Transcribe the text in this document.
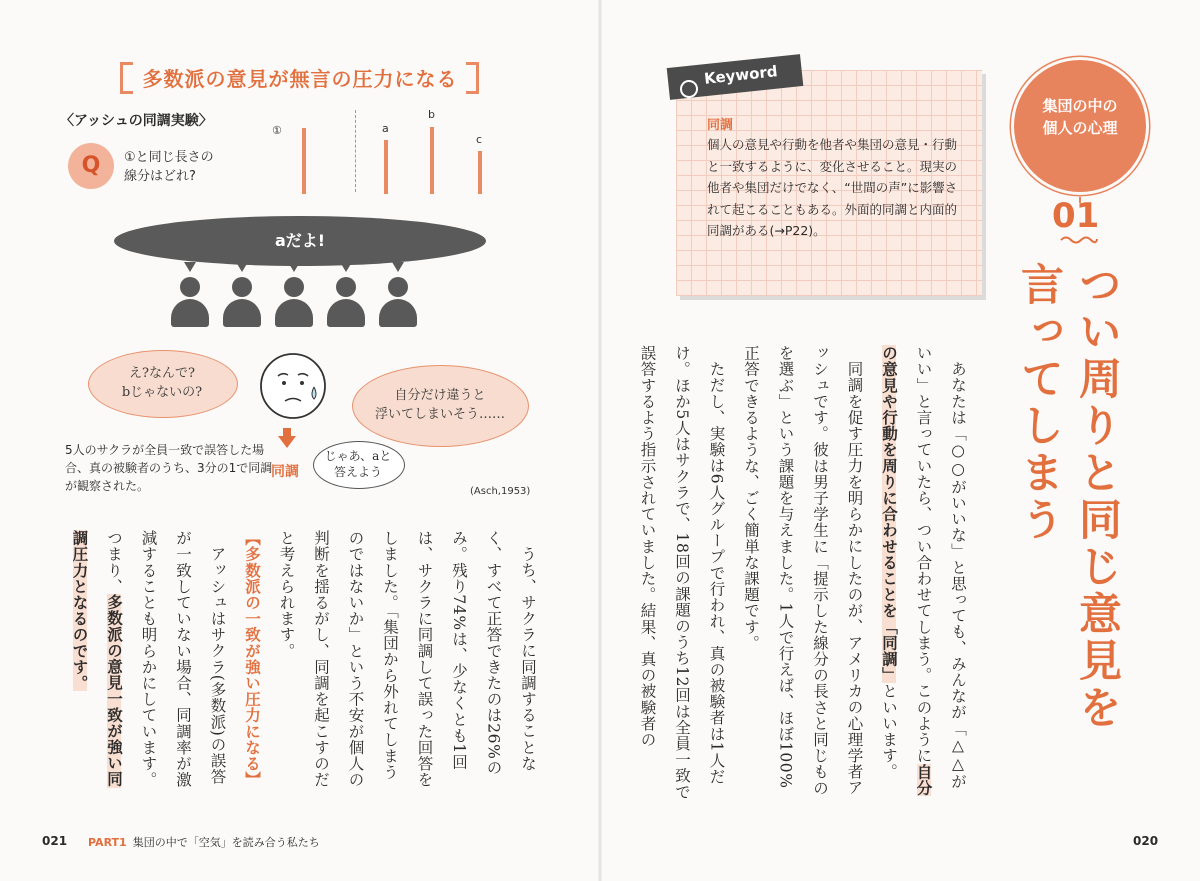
多数派の意見が無言の圧力になる
〈アッシュの同調実験〉
Q	①と同じ長さの
線分はどれ?
①	a
b
c
aだよ!
え?なんで?
bじゃないの?	自分だけ違うと
浮いてしまいそう……
同調
じゃあ、aと
答えよう
5人のサクラが全員一致で誤答した場合、真の被験者のうち、3分の1で同調が観察された。	(Asch,1953)

うち、サクラに同調することなく、すべて正答できたのは26%のみ。残り74%は、少なくとも1回は、サクラに同調して誤った回答をしました。「集団から外れてしまうのではないか」という不安が個人の判断を揺るがし、同調を起こすのだと考えられます。

【多数派の一致が強い圧力になる】

アッシュはサクラ(多数派)の誤答が一致していない場合、同調率が激減することも明らかにしています。つまり、多数派の意見一致が強い同調圧力となるのです。

Keyword
同調
個人の意見や行動を他者や集団の意見・行動と一致するように、変化させること。現実の他者や集団だけでなく、“世間の声”に影響されて起こることもある。外面的同調と内面的同調がある(→P22)。
集団の中の
個人の心理
01
つい周りと同じ意見を
言ってしまう

あなたは「○○がいいな」と思っても、みんなが「△△がいい」と言っていたら、つい合わせてしまう。このように自分の意見や行動を周りに合わせることを「同調」といいます。

同調を促す圧力を明らかにしたのが、アメリカの心理学者アッシュです。彼は男子学生に「提示した線分の長さと同じものを選ぶ」という課題を与えました。1人で行えば、ほぼ100%正答できるような、ごく簡単な課題です。

ただし、実験は6人グループで行われ、真の被験者は1人だけ。ほか5人はサクラで、18回の課題のうち12回は全員一致で誤答するよう指示されていました。結果、真の被験者の

021 PART1 集団の中で「空気」を読み合う私たち	020
